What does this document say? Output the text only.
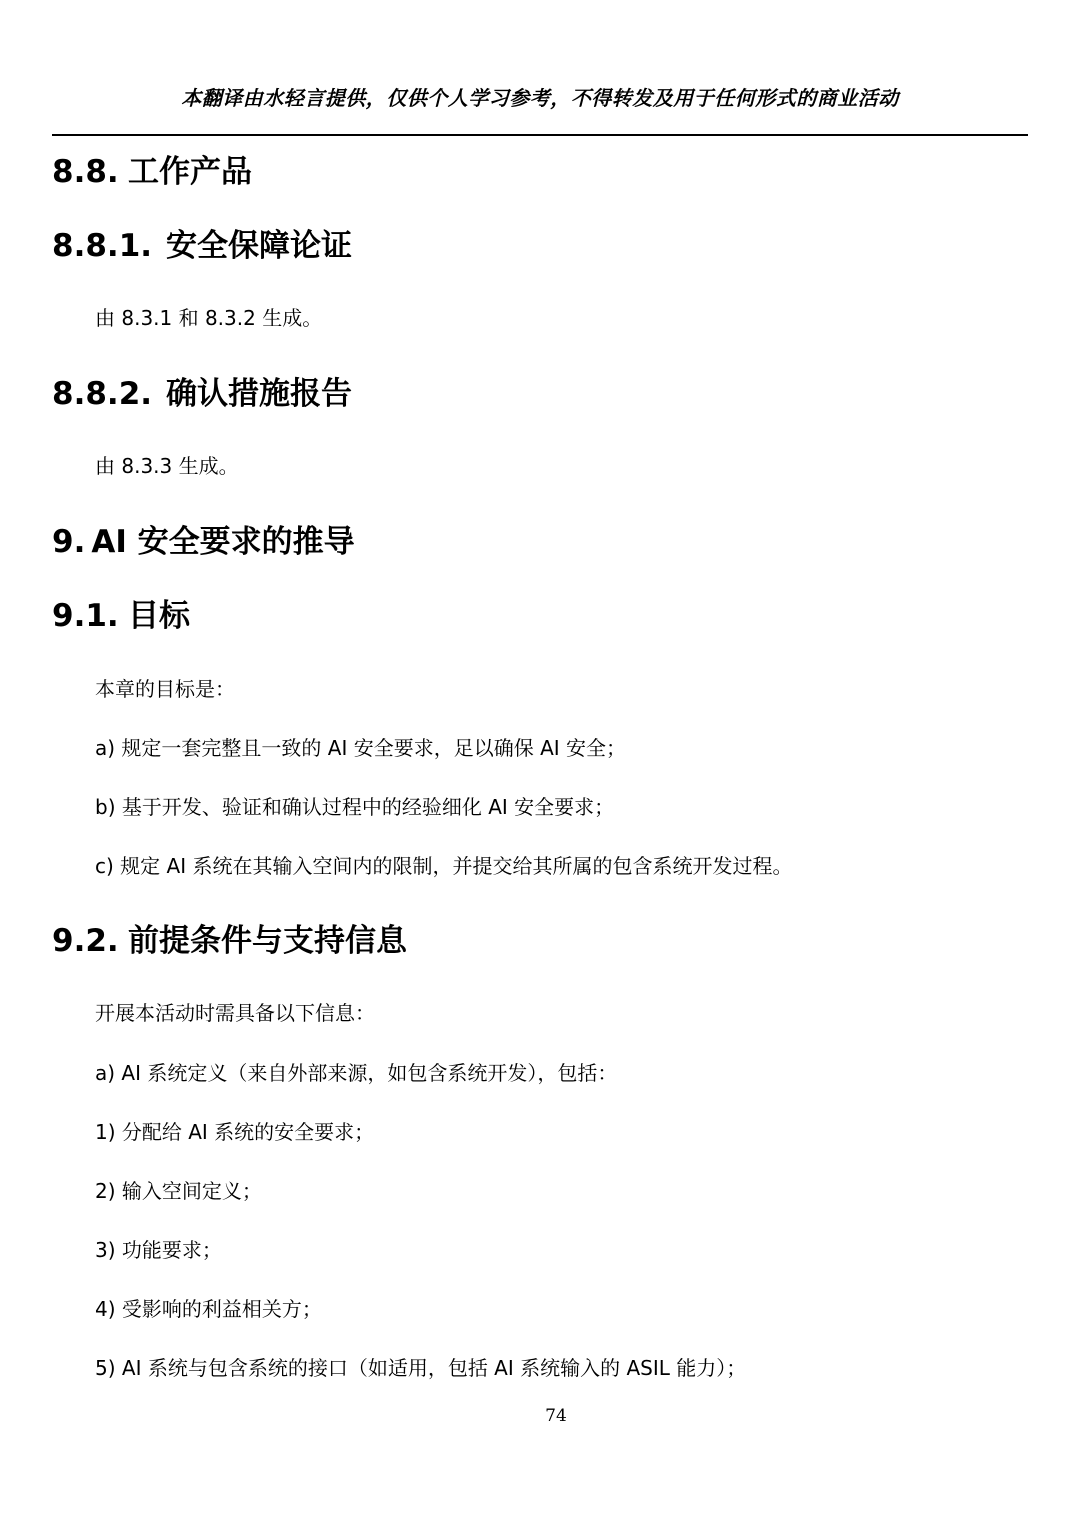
本翻译由水轻言提供，仅供个人学习参考，不得转发及用于任何形式的商业活动
8.8. 工作产品
8.8.1. 安全保障论证
由 8.3.1 和 8.3.2 生成。
8.8.2. 确认措施报告
由 8.3.3 生成。
9. AI 安全要求的推导
9.1. 目标
本章的目标是：
a) 规定一套完整且一致的 AI 安全要求，足以确保 AI 安全；
b) 基于开发、验证和确认过程中的经验细化 AI 安全要求；
c) 规定 AI 系统在其输入空间内的限制，并提交给其所属的包含系统开发过程。
9.2. 前提条件与支持信息
开展本活动时需具备以下信息：
a) AI 系统定义（来自外部来源，如包含系统开发），包括：
1) 分配给 AI 系统的安全要求；
2) 输入空间定义；
3) 功能要求；
4) 受影响的利益相关方；
5) AI 系统与包含系统的接口（如适用，包括 AI 系统输入的 ASIL 能力）；
74
